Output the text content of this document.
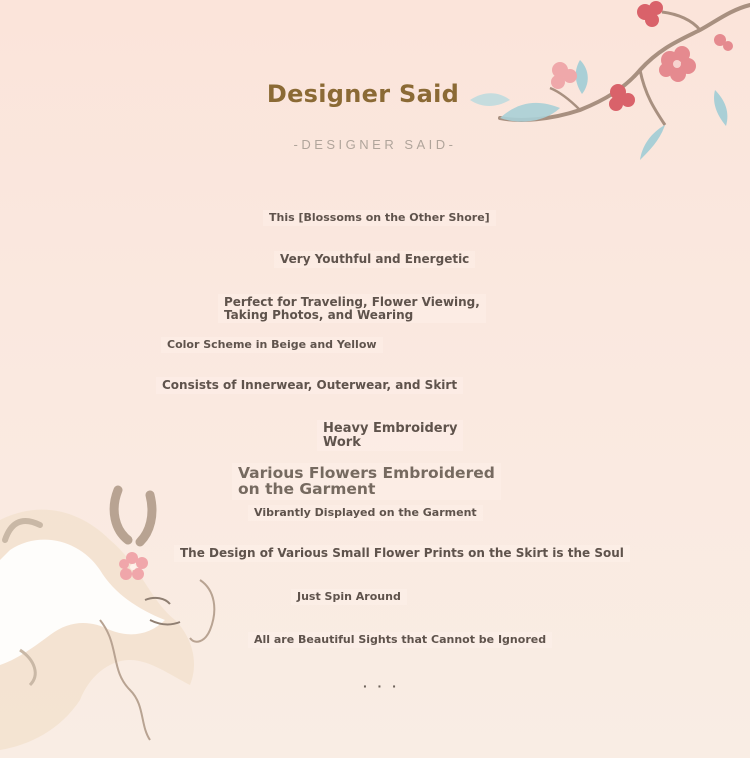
Designer Said
-DESIGNER SAID-
This [Blossoms on the Other Shore]
Very Youthful and Energetic
Perfect for Traveling, Flower Viewing,
Taking Photos, and Wearing
Color Scheme in Beige and Yellow
Consists of Innerwear, Outerwear, and Skirt
Heavy Embroidery
Work
Various Flowers Embroidered
on the Garment
Vibrantly Displayed on the Garment
The Design of Various Small Flower Prints on the Skirt is the Soul
Just Spin Around
All are Beautiful Sights that Cannot be Ignored
· · ·
